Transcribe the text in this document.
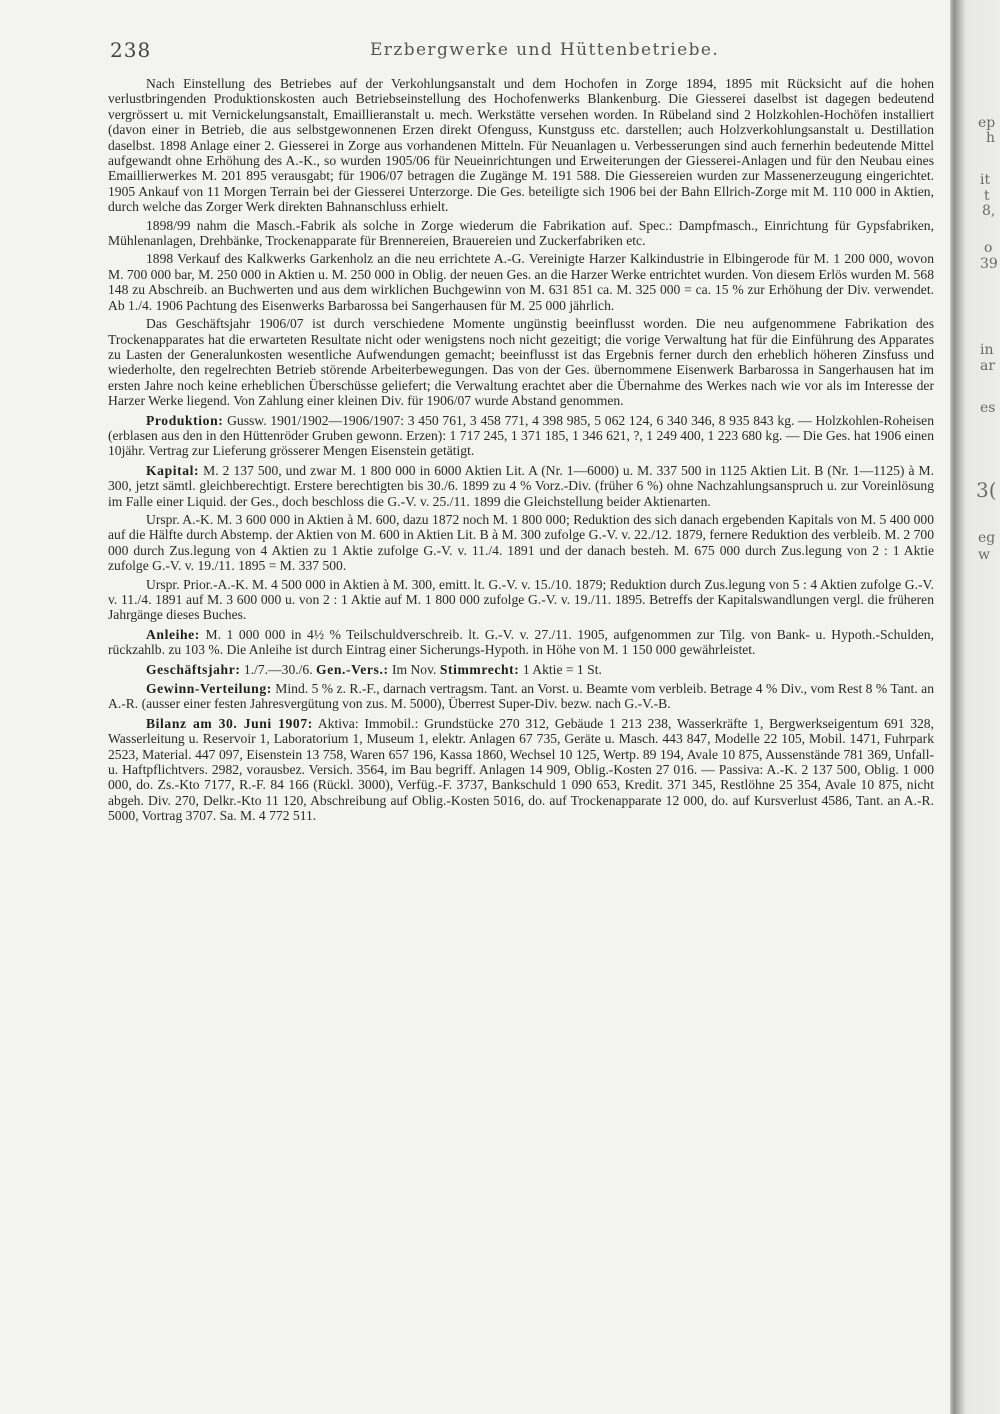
ep
h
it
t
8,
o
39
in
ar
es
3(
eg
w
238	Erzbergwerke und Hüttenbetriebe.

Nach Einstellung des Betriebes auf der Verkohlungsanstalt und dem Hochofen in Zorge 1894, 1895 mit Rücksicht auf die hohen verlustbringenden Produktionskosten auch Betriebseinstellung des Hochofenwerks Blankenburg. Die Giesserei daselbst ist dagegen bedeutend vergrössert u. mit Vernickelungsanstalt, Emaillieranstalt u. mech. Werkstätte versehen worden. In Rübeland sind 2 Holzkohlen-Hochöfen installiert (davon einer in Betrieb, die aus selbstgewonnenen Erzen direkt Ofenguss, Kunstguss etc. darstellen; auch Holzverkohlungsanstalt u. Destillation daselbst. 1898 Anlage einer 2. Giesserei in Zorge aus vorhandenen Mitteln. Für Neuanlagen u. Verbesserungen sind auch fernerhin bedeutende Mittel aufgewandt ohne Erhöhung des A.-K., so wurden 1905/06 für Neueinrichtungen und Erweiterungen der Giesserei-Anlagen und für den Neubau eines Emaillierwerkes M. 201 895 verausgabt; für 1906/07 betragen die Zugänge M. 191 588. Die Giessereien wurden zur Massenerzeugung eingerichtet. 1905 Ankauf von 11 Morgen Terrain bei der Giesserei Unterzorge. Die Ges. beteiligte sich 1906 bei der Bahn Ellrich-Zorge mit M. 110 000 in Aktien, durch welche das Zorger Werk direkten Bahnanschluss erhielt.

1898/99 nahm die Masch.-Fabrik als solche in Zorge wiederum die Fabrikation auf. Spec.: Dampfmasch., Einrichtung für Gypsfabriken, Mühlenanlagen, Drehbänke, Trockenapparate für Brennereien, Brauereien und Zuckerfabriken etc.

1898 Verkauf des Kalkwerks Garkenholz an die neu errichtete A.-G. Vereinigte Harzer Kalkindustrie in Elbingerode für M. 1 200 000, wovon M. 700 000 bar, M. 250 000 in Aktien u. M. 250 000 in Oblig. der neuen Ges. an die Harzer Werke entrichtet wurden. Von diesem Erlös wurden M. 568 148 zu Abschreib. an Buchwerten und aus dem wirklichen Buchgewinn von M. 631 851 ca. M. 325 000 = ca. 15 % zur Erhöhung der Div. verwendet. Ab 1./4. 1906 Pachtung des Eisenwerks Barbarossa bei Sangerhausen für M. 25 000 jährlich.

Das Geschäftsjahr 1906/07 ist durch verschiedene Momente ungünstig beeinflusst worden. Die neu aufgenommene Fabrikation des Trockenapparates hat die erwarteten Resultate nicht oder wenigstens noch nicht gezeitigt; die vorige Verwaltung hat für die Einführung des Apparates zu Lasten der Generalunkosten wesentliche Aufwendungen gemacht; beeinflusst ist das Ergebnis ferner durch den erheblich höheren Zinsfuss und wiederholte, den regelrechten Betrieb störende Arbeiterbewegungen. Das von der Ges. übernommene Eisenwerk Barbarossa in Sangerhausen hat im ersten Jahre noch keine erheblichen Überschüsse geliefert; die Verwaltung erachtet aber die Übernahme des Werkes nach wie vor als im Interesse der Harzer Werke liegend. Von Zahlung einer kleinen Div. für 1906/07 wurde Abstand genommen.

Produktion: Gussw. 1901/1902—1906/1907: 3 450 761, 3 458 771, 4 398 985, 5 062 124, 6 340 346, 8 935 843 kg. — Holzkohlen-Roheisen (erblasen aus den in den Hüttenröder Gruben gewonn. Erzen): 1 717 245, 1 371 185, 1 346 621, ?, 1 249 400, 1 223 680 kg. — Die Ges. hat 1906 einen 10jähr. Vertrag zur Lieferung grösserer Mengen Eisenstein getätigt.

Kapital: M. 2 137 500, und zwar M. 1 800 000 in 6000 Aktien Lit. A (Nr. 1—6000) u. M. 337 500 in 1125 Aktien Lit. B (Nr. 1—1125) à M. 300, jetzt sämtl. gleichberechtigt. Erstere berechtigten bis 30./6. 1899 zu 4 % Vorz.-Div. (früher 6 %) ohne Nachzahlungsanspruch u. zur Voreinlösung im Falle einer Liquid. der Ges., doch beschloss die G.-V. v. 25./11. 1899 die Gleichstellung beider Aktienarten.

Urspr. A.-K. M. 3 600 000 in Aktien à M. 600, dazu 1872 noch M. 1 800 000; Reduktion des sich danach ergebenden Kapitals von M. 5 400 000 auf die Hälfte durch Abstemp. der Aktien von M. 600 in Aktien Lit. B à M. 300 zufolge G.-V. v. 22./12. 1879, fernere Reduktion des verbleib. M. 2 700 000 durch Zus.legung von 4 Aktien zu 1 Aktie zufolge G.-V. v. 11./4. 1891 und der danach besteh. M. 675 000 durch Zus.legung von 2 : 1 Aktie zufolge G.-V. v. 19./11. 1895 = M. 337 500.

Urspr. Prior.-A.-K. M. 4 500 000 in Aktien à M. 300, emitt. lt. G.-V. v. 15./10. 1879; Reduktion durch Zus.legung von 5 : 4 Aktien zufolge G.-V. v. 11./4. 1891 auf M. 3 600 000 u. von 2 : 1 Aktie auf M. 1 800 000 zufolge G.-V. v. 19./11. 1895. Betreffs der Kapitalswandlungen vergl. die früheren Jahrgänge dieses Buches.

Anleihe: M. 1 000 000 in 4½ % Teilschuldverschreib. lt. G.-V. v. 27./11. 1905, aufgenommen zur Tilg. von Bank- u. Hypoth.-Schulden, rückzahlb. zu 103 %. Die Anleihe ist durch Eintrag einer Sicherungs-Hypoth. in Höhe von M. 1 150 000 gewährleistet.

Geschäftsjahr: 1./7.—30./6. Gen.-Vers.: Im Nov. Stimmrecht: 1 Aktie = 1 St.

Gewinn-Verteilung: Mind. 5 % z. R.-F., darnach vertragsm. Tant. an Vorst. u. Beamte vom verbleib. Betrage 4 % Div., vom Rest 8 % Tant. an A.-R. (ausser einer festen Jahresvergütung von zus. M. 5000), Überrest Super-Div. bezw. nach G.-V.-B.

Bilanz am 30. Juni 1907: Aktiva: Immobil.: Grundstücke 270 312, Gebäude 1 213 238, Wasserkräfte 1, Bergwerkseigentum 691 328, Wasserleitung u. Reservoir 1, Laboratorium 1, Museum 1, elektr. Anlagen 67 735, Geräte u. Masch. 443 847, Modelle 22 105, Mobil. 1471, Fuhrpark 2523, Material. 447 097, Eisenstein 13 758, Waren 657 196, Kassa 1860, Wechsel 10 125, Wertp. 89 194, Avale 10 875, Aussenstände 781 369, Unfall- u. Haftpflichtvers. 2982, vorausbez. Versich. 3564, im Bau begriff. Anlagen 14 909, Oblig.-Kosten 27 016. — Passiva: A.-K. 2 137 500, Oblig. 1 000 000, do. Zs.-Kto 7177, R.-F. 84 166 (Rückl. 3000), Verfüg.-F. 3737, Bankschuld 1 090 653, Kredit. 371 345, Restlöhne 25 354, Avale 10 875, nicht abgeh. Div. 270, Delkr.-Kto 11 120, Abschreibung auf Oblig.-Kosten 5016, do. auf Trockenapparate 12 000, do. auf Kursverlust 4586, Tant. an A.-R. 5000, Vortrag 3707. Sa. M. 4 772 511.
